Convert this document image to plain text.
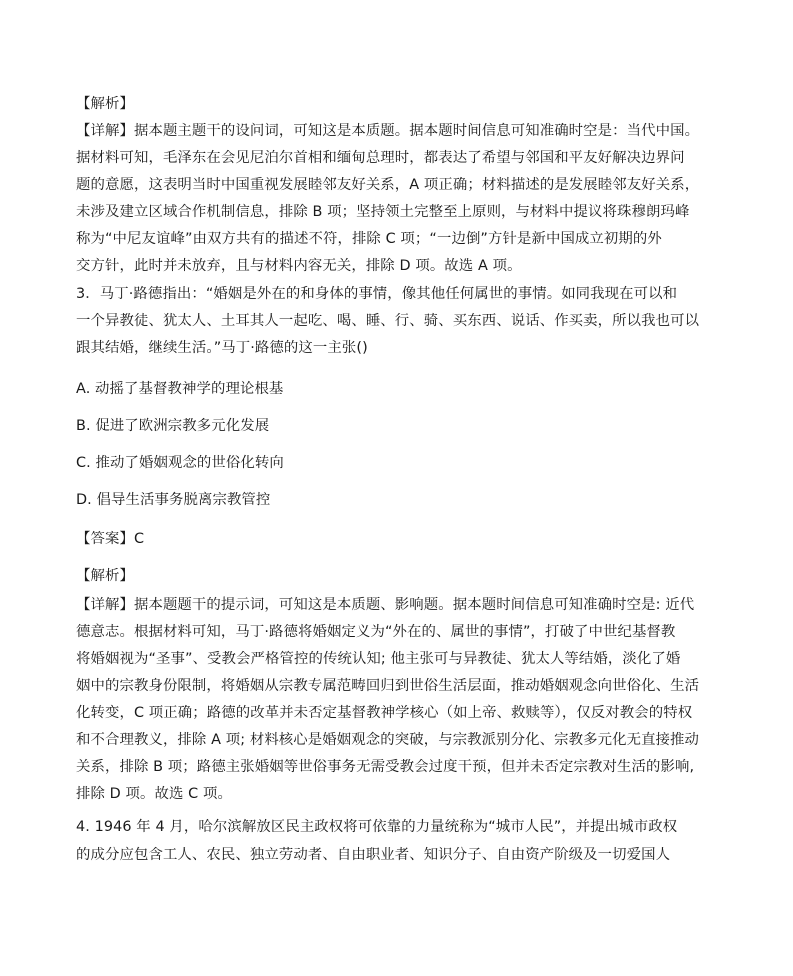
【解析】
【详解】据本题主题干的设问词，可知这是本质题。据本题时间信息可知准确时空是：当代中国。
据材料可知，毛泽东在会见尼泊尔首相和缅甸总理时，都表达了希望与邻国和平友好解决边界问
题的意愿，这表明当时中国重视发展睦邻友好关系，A 项正确；材料描述的是发展睦邻友好关系，
未涉及建立区域合作机制信息，排除 B 项；坚持领土完整至上原则，与材料中提议将珠穆朗玛峰
称为“中尼友谊峰”由双方共有的描述不符，排除 C 项；“一边倒”方针是新中国成立初期的外
交方针，此时并未放弃，且与材料内容无关，排除 D 项。故选 A 项。
3．马丁·路德指出：“婚姻是外在的和身体的事情，像其他任何属世的事情。如同我现在可以和
一个异教徒、犹太人、土耳其人一起吃、喝、睡、行、骑、买东西、说话、作买卖，所以我也可以
跟其结婚，继续生活。”马丁·路德的这一主张()
A. 动摇了基督教神学的理论根基
B. 促进了欧洲宗教多元化发展
C. 推动了婚姻观念的世俗化转向
D. 倡导生活事务脱离宗教管控
【答案】C
【解析】
【详解】据本题题干的提示词，可知这是本质题、影响题。据本题时间信息可知准确时空是: 近代
德意志。根据材料可知，马丁·路德将婚姻定义为“外在的、属世的事情”，打破了中世纪基督教
将婚姻视为“圣事”、受教会严格管控的传统认知; 他主张可与异教徒、犹太人等结婚，淡化了婚
姻中的宗教身份限制，将婚姻从宗教专属范畴回归到世俗生活层面，推动婚姻观念向世俗化、生活
化转变，C 项正确；路德的改革并未否定基督教神学核心（如上帝、救赎等），仅反对教会的特权
和不合理教义，排除 A 项; 材料核心是婚姻观念的突破，与宗教派别分化、宗教多元化无直接推动
关系，排除 B 项；路德主张婚姻等世俗事务无需受教会过度干预，但并未否定宗教对生活的影响,
排除 D 项。故选 C 项。
4. 1946 年 4 月，哈尔滨解放区民主政权将可依靠的力量统称为“城市人民”，并提出城市政权
的成分应包含工人、农民、独立劳动者、自由职业者、知识分子、自由资产阶级及一切爱国人
